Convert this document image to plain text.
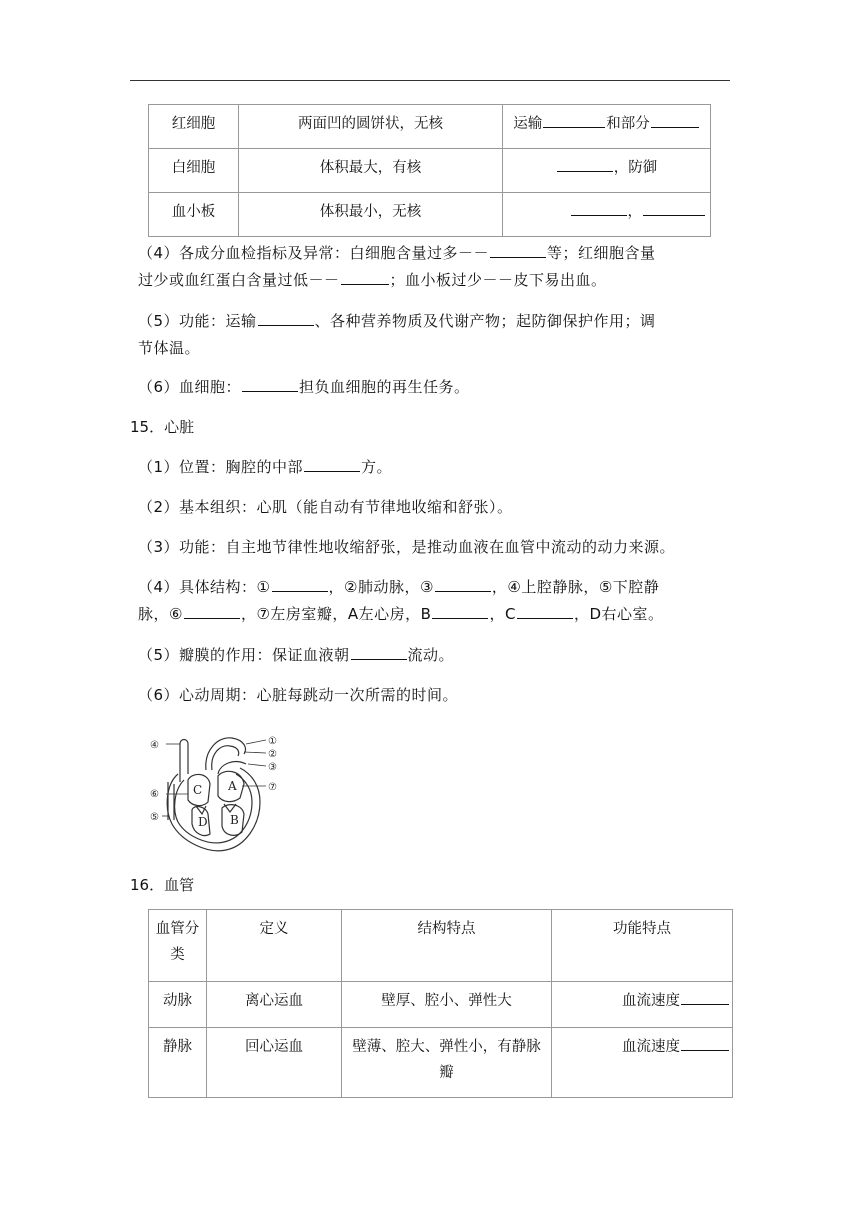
红细胞	两面凹的圆饼状，无核	运输 和部分
白细胞	体积最大，有核	，防御
血小板	体积最小，无核	，
（4）各成分血检指标及异常：白细胞含量过多－－	等；红细胞含量
过少或血红蛋白含量过低－－	；血小板过少－－皮下易出血。
（5）功能：运输	、各种营养物质及代谢产物；起防御保护作用；调
节体温。
（6）血细胞：	担负血细胞的再生任务。
15．心脏
（1）位置：胸腔的中部	方。
（2）基本组织：心肌（能自动有节律地收缩和舒张）。
（3）功能：自主地节律性地收缩舒张，是推动血液在血管中流动的动力来源。
（4）具体结构：①	，②肺动脉，③	，④上腔静脉，⑤下腔静
脉，⑥	，⑦左房室瓣，A左心房，B	，C	，D右心室。
（5）瓣膜的作用：保证血液朝	流动。
（6）心动周期：心脏每跳动一次所需的时间。
①
②
③
④
⑤
⑥
⑦
A
B
C
D
16．血管
血管分类	定义	结构特点	功能特点
动脉	离心运血	壁厚、腔小、弹性大	血流速度
静脉	回心运血	壁薄、腔大、弹性小，有静脉瓣	血流速度
